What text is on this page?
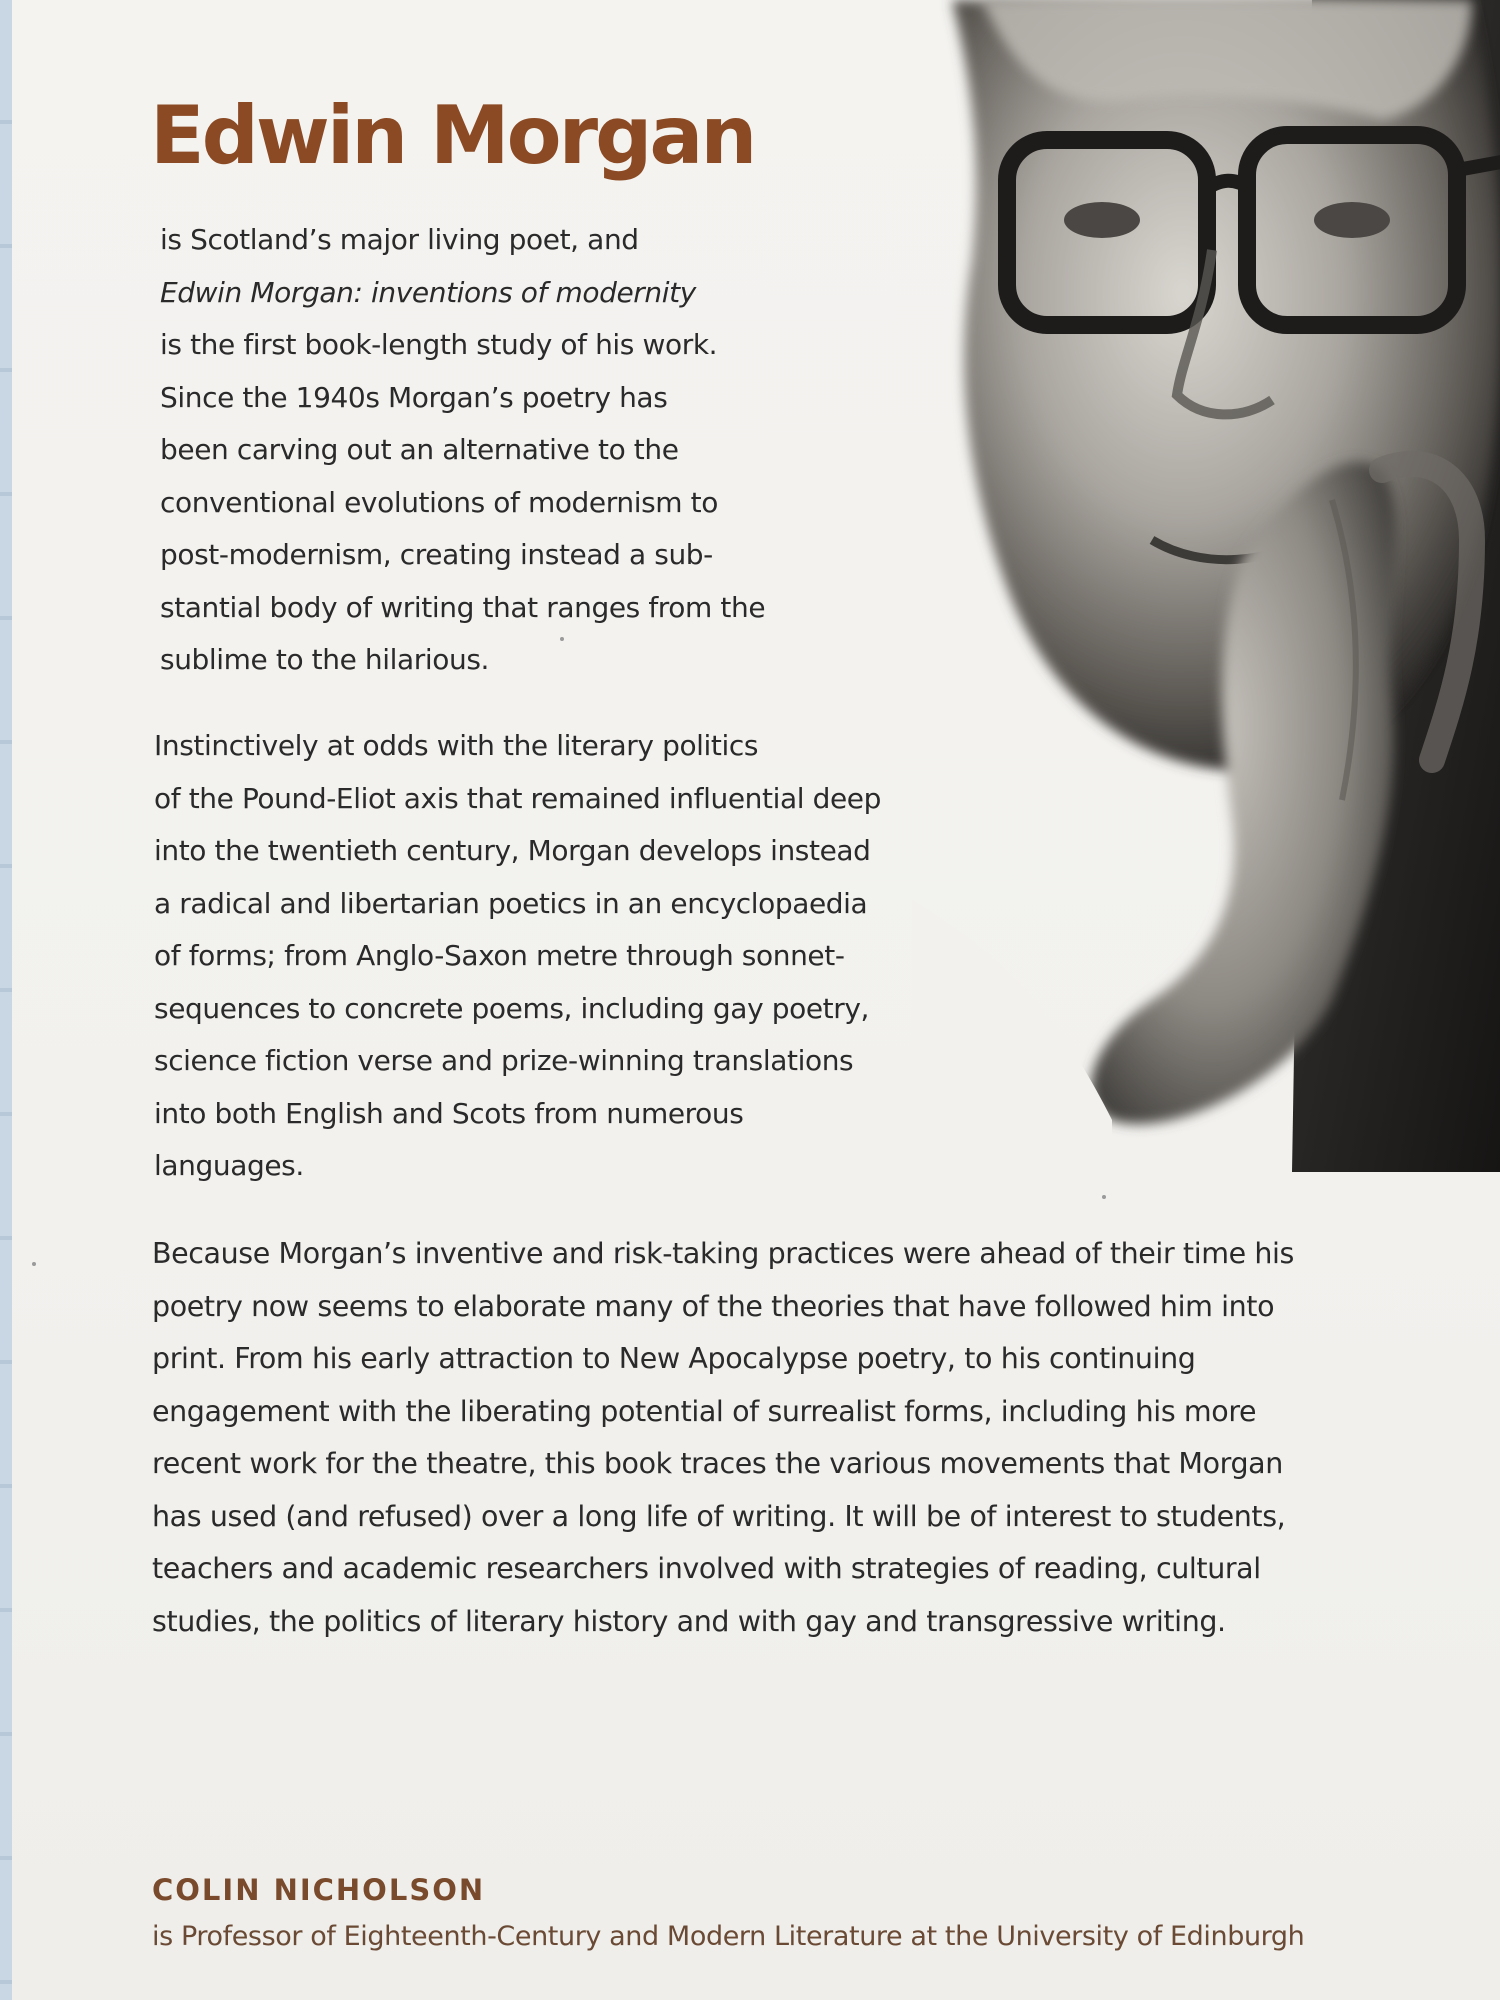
Edwin Morgan
is Scotland’s major living poet, and
Edwin Morgan: inventions of modernity
is the first book-length study of his work.
Since the 1940s Morgan’s poetry has
been carving out an alternative to the
conventional evolutions of modernism to
post-modernism, creating instead a sub-
stantial body of writing that ranges from the
sublime to the hilarious.
Instinctively at odds with the literary politics
of the Pound-Eliot axis that remained influential deep
into the twentieth century, Morgan develops instead
a radical and libertarian poetics in an encyclopaedia
of forms; from Anglo-Saxon metre through sonnet-
sequences to concrete poems, including gay poetry,
science fiction verse and prize-winning translations
into both English and Scots from numerous
languages.
Because Morgan’s inventive and risk-taking practices were ahead of their time his
poetry now seems to elaborate many of the theories that have followed him into
print. From his early attraction to New Apocalypse poetry, to his continuing
engagement with the liberating potential of surrealist forms, including his more
recent work for the theatre, this book traces the various movements that Morgan
has used (and refused) over a long life of writing. It will be of interest to students,
teachers and academic researchers involved with strategies of reading, cultural
studies, the politics of literary history and with gay and transgressive writing.
COLIN NICHOLSON
is Professor of Eighteenth-Century and Modern Literature at the University of Edinburgh
